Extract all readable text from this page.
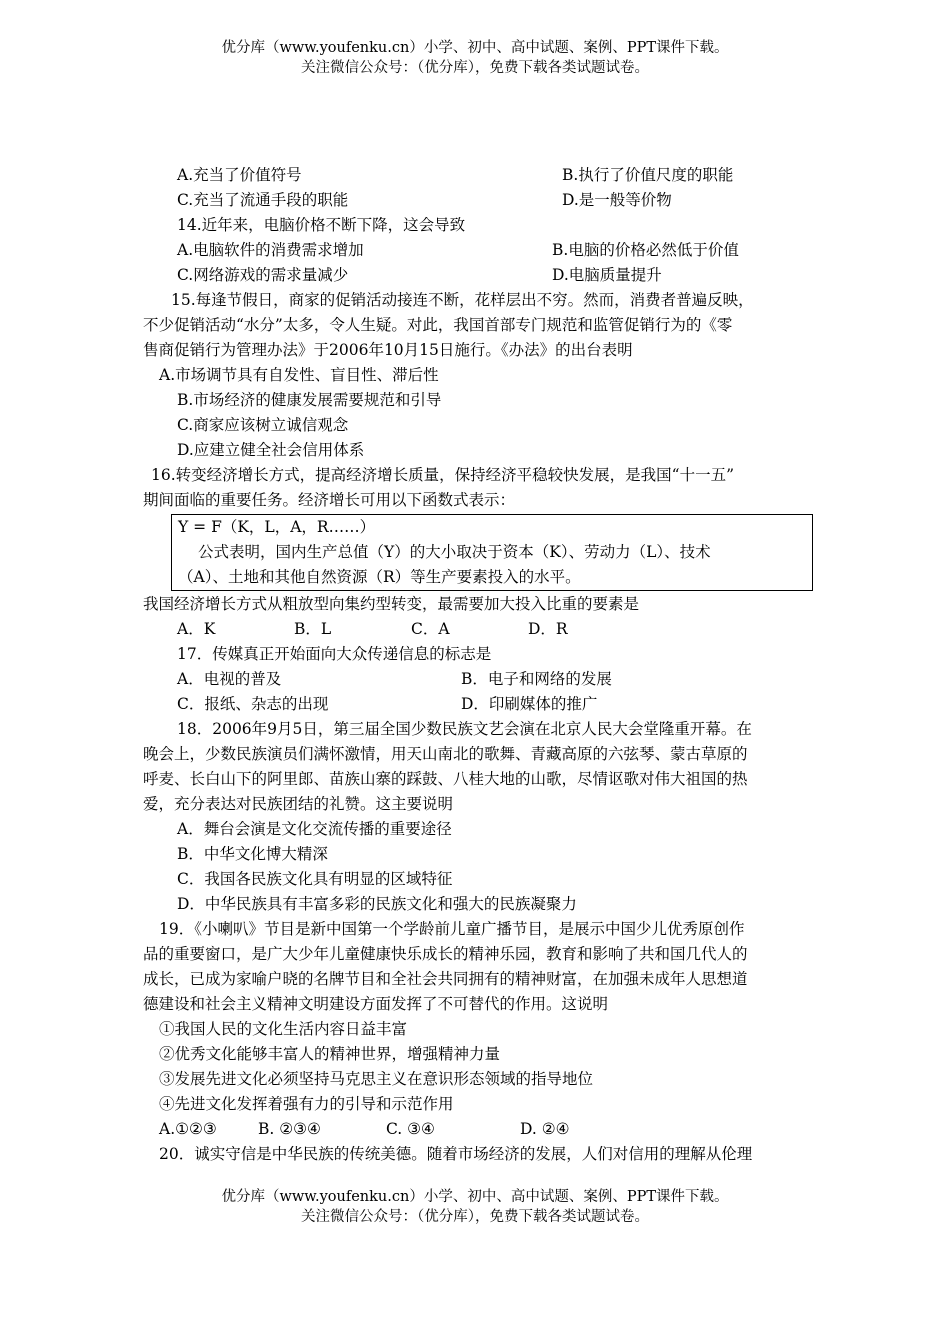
优分库（www.youfenku.cn）小学、初中、高中试题、案例、PPT课件下载。
关注微信公众号：（优分库），免费下载各类试题试卷。
A.充当了价值符号	B.执行了价值尺度的职能
C.充当了流通手段的职能	D.是一般等价物
14.近年来，电脑价格不断下降，这会导致
A.电脑软件的消费需求增加	B.电脑的价格必然低于价值
C.网络游戏的需求量减少	D.电脑质量提升
15.每逢节假日，商家的促销活动接连不断，花样层出不穷。然而，消费者普遍反映，
不少促销活动“水分”太多，令人生疑。对此，我国首部专门规范和监管促销行为的《零
售商促销行为管理办法》于2006年10月15日施行。《办法》的出台表明
A.市场调节具有自发性、盲目性、滞后性
B.市场经济的健康发展需要规范和引导
C.商家应该树立诚信观念
D.应建立健全社会信用体系
16.转变经济增长方式，提高经济增长质量，保持经济平稳较快发展，是我国“十一五”
期间面临的重要任务。经济增长可用以下函数式表示：
Y = F（K，L，A，R……）
公式表明，国内生产总值（Y）的大小取决于资本（K）、劳动力（L）、技术
（A）、土地和其他自然资源（R）等生产要素投入的水平。
我国经济增长方式从粗放型向集约型转变，最需要加大投入比重的要素是
A．K	B．L	C．A	D．R
17．传媒真正开始面向大众传递信息的标志是
A．电视的普及	B．电子和网络的发展
C．报纸、杂志的出现	D．印刷媒体的推广
18．2006年9月5日，第三届全国少数民族文艺会演在北京人民大会堂隆重开幕。在
晚会上，少数民族演员们满怀激情，用天山南北的歌舞、青藏高原的六弦琴、蒙古草原的
呼麦、长白山下的阿里郎、苗族山寨的踩鼓、八桂大地的山歌，尽情讴歌对伟大祖国的热
爱，充分表达对民族团结的礼赞。这主要说明
A．舞台会演是文化交流传播的重要途径
B．中华文化博大精深
C．我国各民族文化具有明显的区域特征
D．中华民族具有丰富多彩的民族文化和强大的民族凝聚力
19．《小喇叭》节目是新中国第一个学龄前儿童广播节目，是展示中国少儿优秀原创作
品的重要窗口，是广大少年儿童健康快乐成长的精神乐园，教育和影响了共和国几代人的
成长，已成为家喻户晓的名牌节目和全社会共同拥有的精神财富，在加强未成年人思想道
德建设和社会主义精神文明建设方面发挥了不可替代的作用。这说明
①我国人民的文化生活内容日益丰富
②优秀文化能够丰富人的精神世界，增强精神力量
③发展先进文化必须坚持马克思主义在意识形态领域的指导地位
④先进文化发挥着强有力的引导和示范作用
A.①②③	B. ②③④	C. ③④	D. ②④
20．诚实守信是中华民族的传统美德。随着市场经济的发展，人们对信用的理解从伦理
优分库（www.youfenku.cn）小学、初中、高中试题、案例、PPT课件下载。
关注微信公众号：（优分库），免费下载各类试题试卷。
